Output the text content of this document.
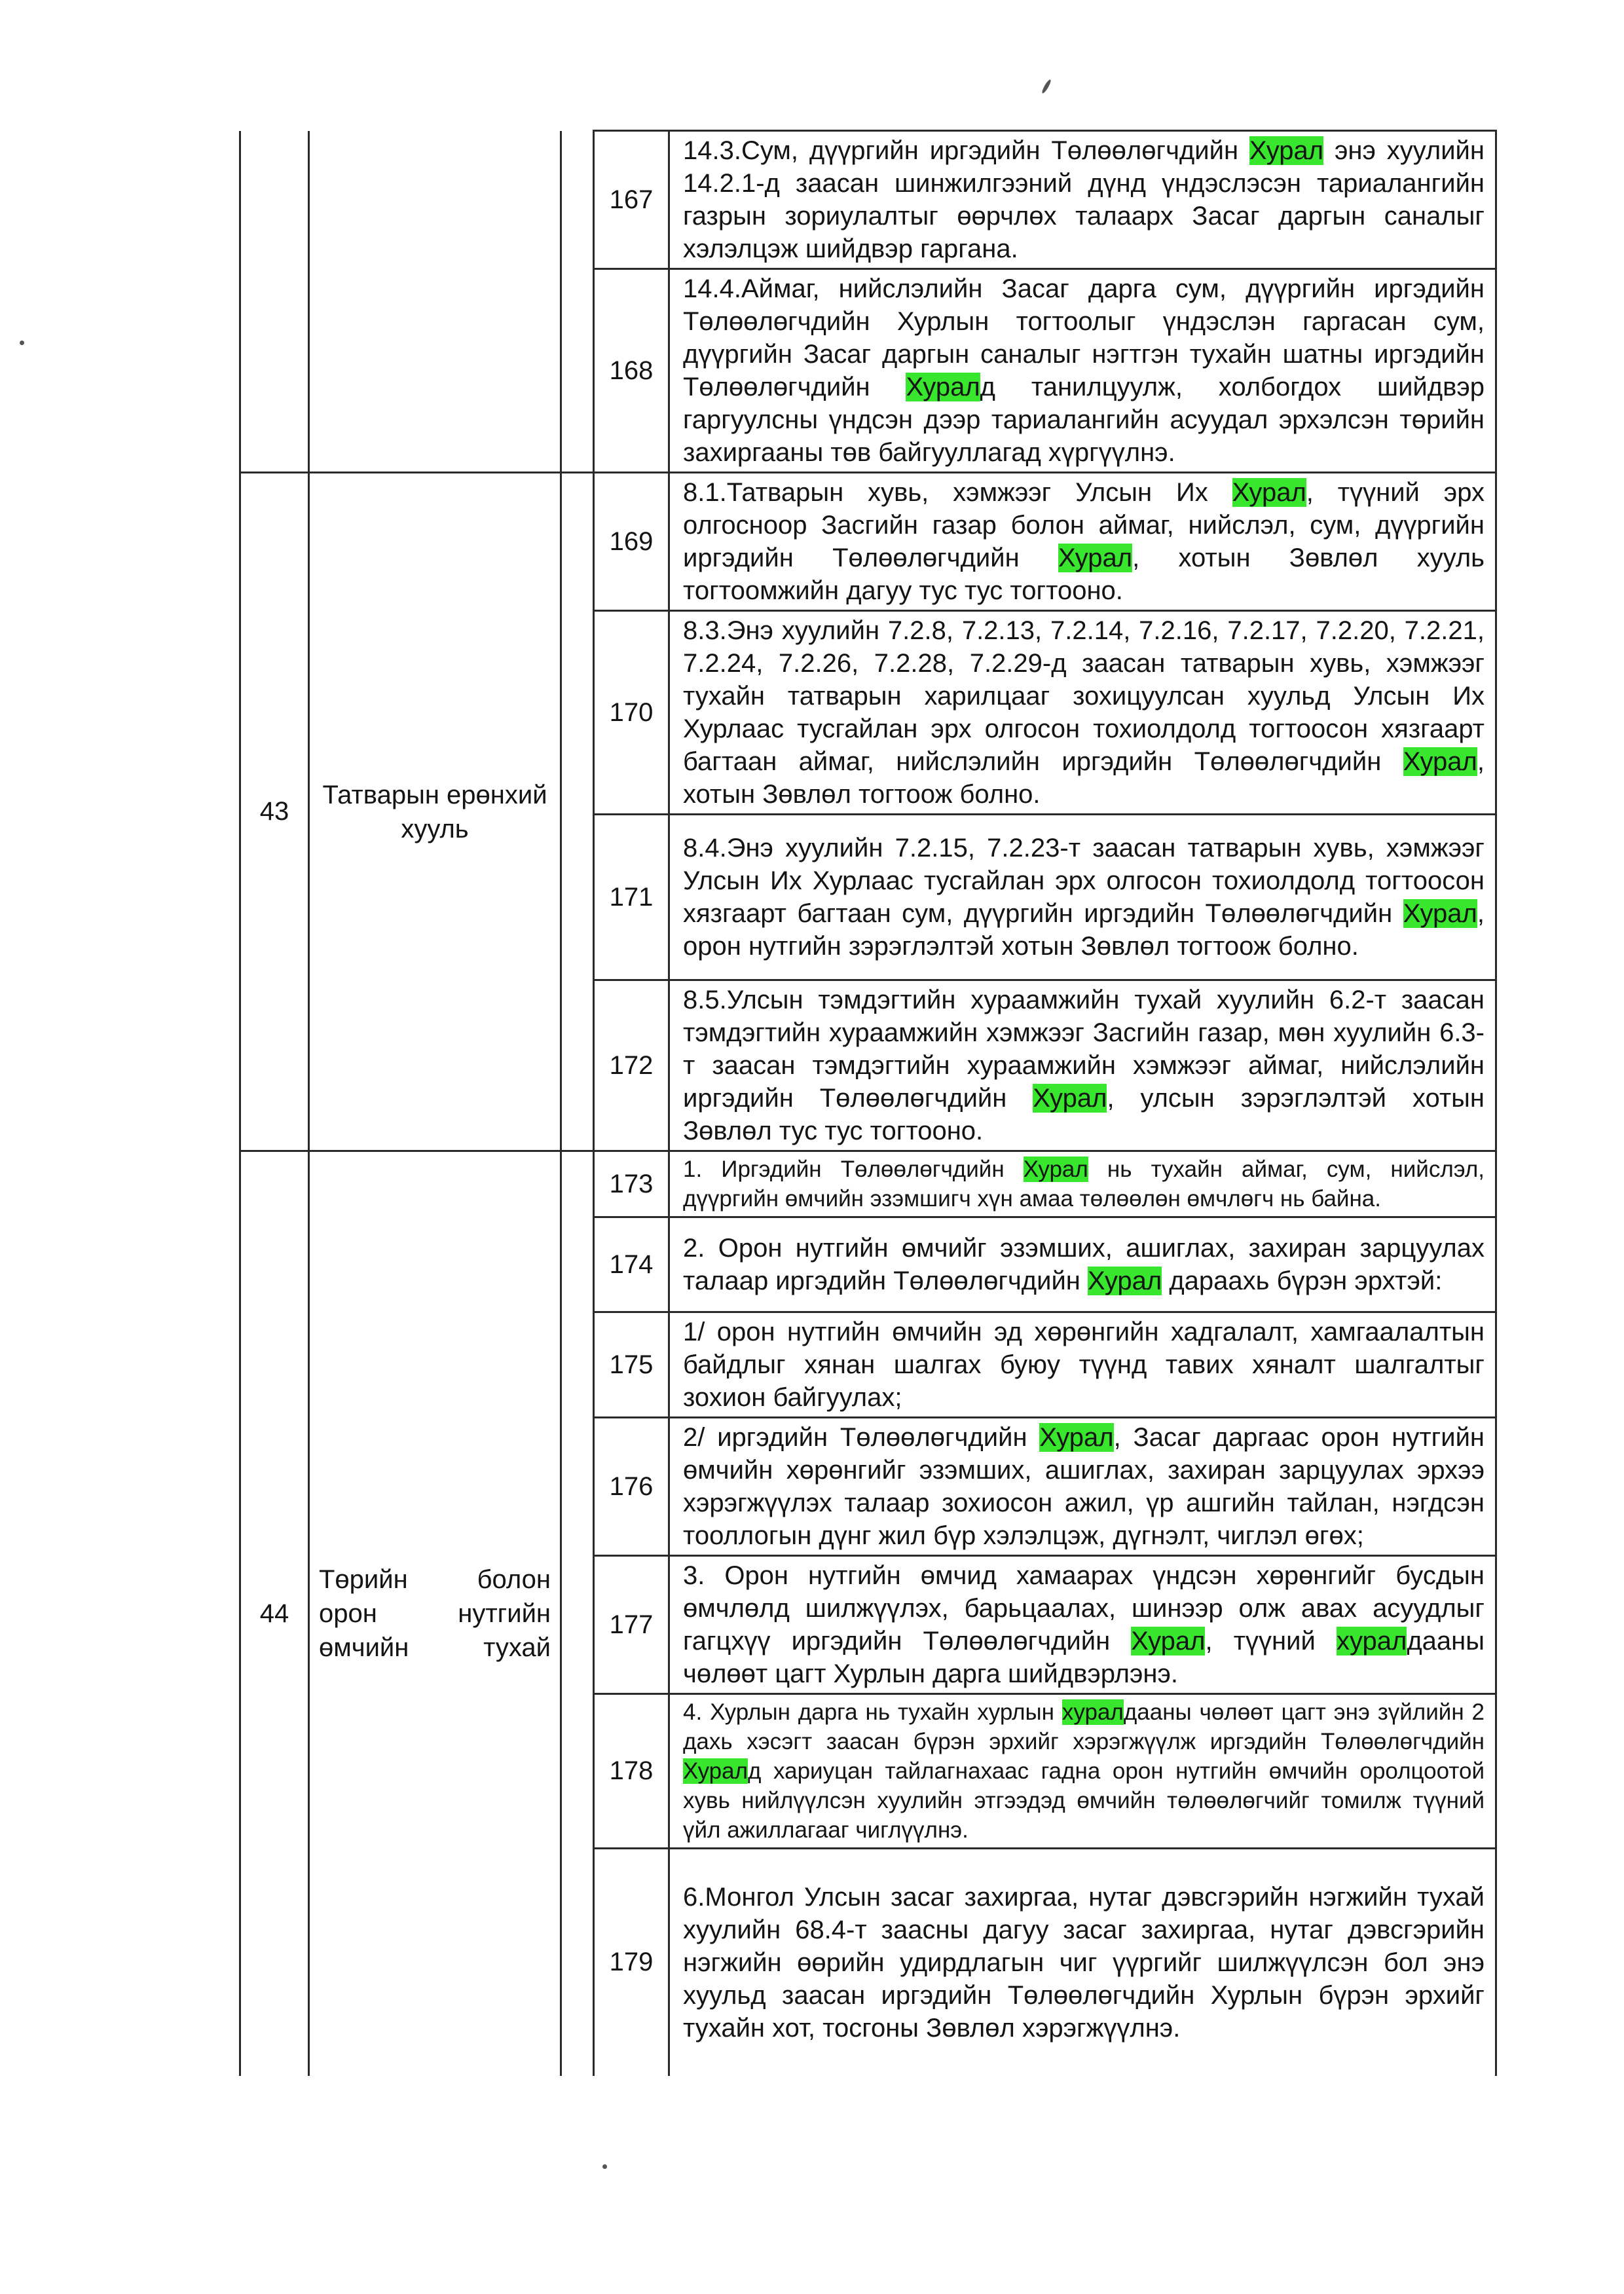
			167	14.3.Сум, дүүргийн иргэдийн Төлөөлөгчдийн Хурал энэ хуулийн 14.2.1-д заасан шинжилгээний дүнд үндэслэсэн тариалангийн газрын зориулалтыг өөрчлөх талаарх Засаг даргын саналыг хэлэлцэж шийдвэр гаргана.
			168	14.4.Аймаг, нийслэлийн Засаг дарга сум, дүүргийн иргэдийн Төлөөлөгчдийн Хурлын тогтоолыг үндэслэн гаргасан сум, дүүргийн Засаг даргын саналыг нэгтгэн тухайн шатны иргэдийн Төлөөлөгчдийн Хуралд танилцуулж, холбогдох шийдвэр гаргуулсны үндсэн дээр тариалангийн асуудал эрхэлсэн төрийн захиргааны төв байгууллагад хүргүүлнэ.
43	Татварын ерөнхий хууль		169	8.1.Татварын хувь, хэмжээг Улсын Их Хурал, түүний эрх олгосноор Засгийн газар болон аймаг, нийслэл, сум, дүүргийн иргэдийн Төлөөлөгчдийн Хурал, хотын Зөвлөл хууль тогтоомжийн дагуу тус тус тогтооно.
			170	8.3.Энэ хуулийн 7.2.8, 7.2.13, 7.2.14, 7.2.16, 7.2.17, 7.2.20, 7.2.21, 7.2.24, 7.2.26, 7.2.28, 7.2.29-д заасан татварын хувь, хэмжээг тухайн татварын харилцааг зохицуулсан хуульд Улсын Их Хурлаас тусгайлан эрх олгосон тохиолдолд тогтоосон хязгаарт багтаан аймаг, нийслэлийн иргэдийн Төлөөлөгчдийн Хурал, хотын Зөвлөл тогтоож болно.
			171	8.4.Энэ хуулийн 7.2.15, 7.2.23-т заасан татварын хувь, хэмжээг Улсын Их Хурлаас тусгайлан эрх олгосон тохиолдолд тогтоосон хязгаарт багтаан сум, дүүргийн иргэдийн Төлөөлөгчдийн Хурал, орон нутгийн зэрэглэлтэй хотын Зөвлөл тогтоож болно.
			172	8.5.Улсын тэмдэгтийн хураамжийн тухай хуулийн 6.2-т заасан тэмдэгтийн хураамжийн хэмжээг Засгийн газар, мөн хуулийн 6.3-т заасан тэмдэгтийн хураамжийн хэмжээг аймаг, нийслэлийн иргэдийн Төлөөлөгчдийн Хурал, улсын зэрэглэлтэй хотын Зөвлөл тус тус тогтооно.
44	Төрийн болон орон нутгийн өмчийн тухай		173	1. Иргэдийн Төлөөлөгчдийн Хурал нь тухайн аймаг, сум, нийслэл, дүүргийн өмчийн эзэмшигч хүн амаа төлөөлөн өмчлөгч нь байна.
			174	2. Орон нутгийн өмчийг эзэмших, ашиглах, захиран зарцуулах талаар иргэдийн Төлөөлөгчдийн Хурал дараахь бүрэн эрхтэй:
			175	1/ орон нутгийн өмчийн эд хөрөнгийн хадгалалт, хамгаалалтын байдлыг хянан шалгах буюу түүнд тавих хяналт шалгалтыг зохион байгуулах;
			176	2/ иргэдийн Төлөөлөгчдийн Хурал, Засаг даргаас орон нутгийн өмчийн хөрөнгийг эзэмших, ашиглах, захиран зарцуулах эрхээ хэрэгжүүлэх талаар зохиосон ажил, үр ашгийн тайлан, нэгдсэн тооллогын дүнг жил бүр хэлэлцэж, дүгнэлт, чиглэл өгөх;
			177	3. Орон нутгийн өмчид хамаарах үндсэн хөрөнгийг бусдын өмчлөлд шилжүүлэх, барьцаалах, шинээр олж авах асуудлыг гагцхүү иргэдийн Төлөөлөгчдийн Хурал, түүний хуралдааны чөлөөт цагт Хурлын дарга шийдвэрлэнэ.
			178	4. Хурлын дарга нь тухайн хурлын хуралдааны чөлөөт цагт энэ зүйлийн 2 дахь хэсэгт заасан бүрэн эрхийг хэрэгжүүлж иргэдийн Төлөөлөгчдийн Хуралд хариуцан тайлагнахаас гадна орон нутгийн өмчийн оролцоотой хувь нийлүүлсэн хуулийн этгээдэд өмчийн төлөөлөгчийг томилж түүний үйл ажиллагааг чиглүүлнэ.
			179	6.Монгол Улсын засаг захиргаа, нутаг дэвсгэрийн нэгжийн тухай хуулийн 68.4-т заасны дагуу засаг захиргаа, нутаг дэвсгэрийн нэгжийн өөрийн удирдлагын чиг үүргийг шилжүүлсэн бол энэ хуульд заасан иргэдийн Төлөөлөгчдийн Хурлын бүрэн эрхийг тухайн хот, тосгоны Зөвлөл хэрэгжүүлнэ.
